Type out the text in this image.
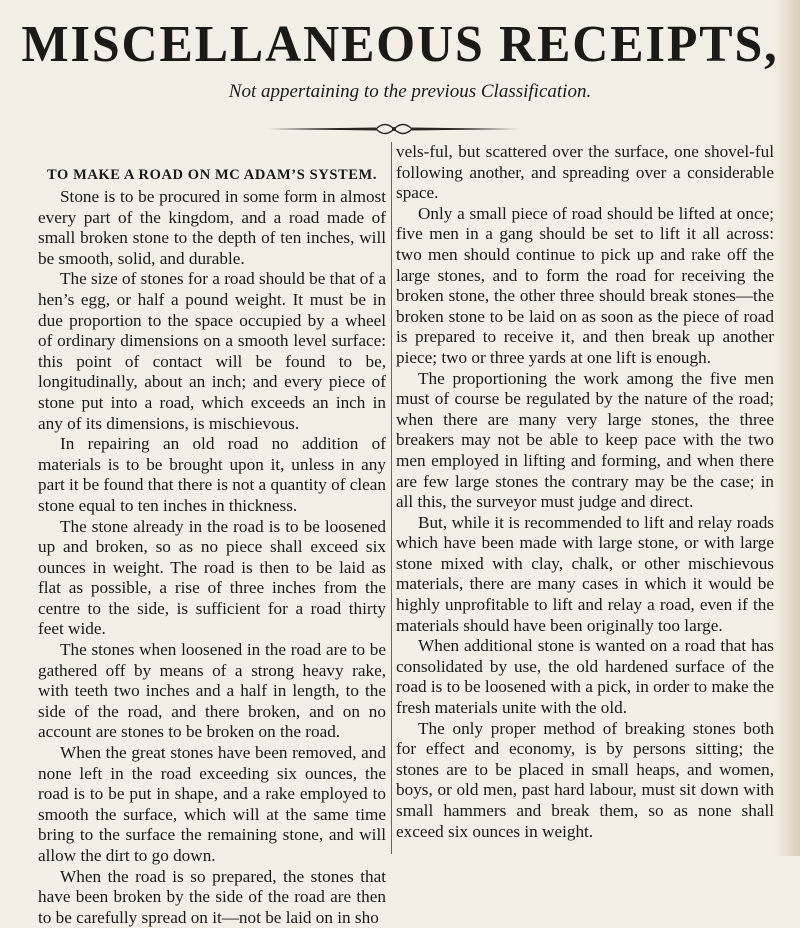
MISCELLANEOUS RECEIPTS,
Not appertaining to the previous Classification.
TO MAKE A ROAD ON MC ADAM’S SYSTEM.

Stone is to be procured in some form in almost every part of the kingdom, and a road made of small broken stone to the depth of ten inches, will be smooth, solid, and durable.

The size of stones for a road should be that of a hen’s egg, or half a pound weight. It must be in due proportion to the space occupied by a wheel of ordinary dimensions on a smooth level surface: this point of contact will be found to be, longitudinally, about an inch; and every piece of stone put into a road, which exceeds an inch in any of its dimensions, is mischievous.

In repairing an old road no addition of materials is to be brought upon it, unless in any part it be found that there is not a quantity of clean stone equal to ten inches in thickness.

The stone already in the road is to be loosened up and broken, so as no piece shall exceed six ounces in weight. The road is then to be laid as flat as possible, a rise of three inches from the centre to the side, is sufficient for a road thirty feet wide.

The stones when loosened in the road are to be gathered off by means of a strong heavy rake, with teeth two inches and a half in length, to the side of the road, and there broken, and on no account are stones to be broken on the road.

When the great stones have been removed, and none left in the road exceeding six ounces, the road is to be put in shape, and a rake employed to smooth the surface, which will at the same time bring to the surface the remaining stone, and will allow the dirt to go down.

When the road is so prepared, the stones that have been broken by the side of the road are then to be carefully spread on it—not be laid on in sho

vels-ful, but scattered over the surface, one shovel-ful following another, and spreading over a considerable space.

Only a small piece of road should be lifted at once; five men in a gang should be set to lift it all across: two men should continue to pick up and rake off the large stones, and to form the road for receiving the broken stone, the other three should break stones—the broken stone to be laid on as soon as the piece of road is prepared to receive it, and then break up another piece; two or three yards at one lift is enough.

The proportioning the work among the five men must of course be regulated by the nature of the road; when there are many very large stones, the three breakers may not be able to keep pace with the two men employed in lifting and forming, and when there are few large stones the contrary may be the case; in all this, the surveyor must judge and direct.

But, while it is recommended to lift and relay roads which have been made with large stone, or with large stone mixed with clay, chalk, or other mischievous materials, there are many cases in which it would be highly unprofitable to lift and relay a road, even if the materials should have been originally too large.

When additional stone is wanted on a road that has consolidated by use, the old hardened surface of the road is to be loosened with a pick, in order to make the fresh materials unite with the old.

The only proper method of breaking stones both for effect and economy, is by persons sitting; the stones are to be placed in small heaps, and women, boys, or old men, past hard labour, must sit down with small hammers and break them, so as none shall exceed six ounces in weight.
